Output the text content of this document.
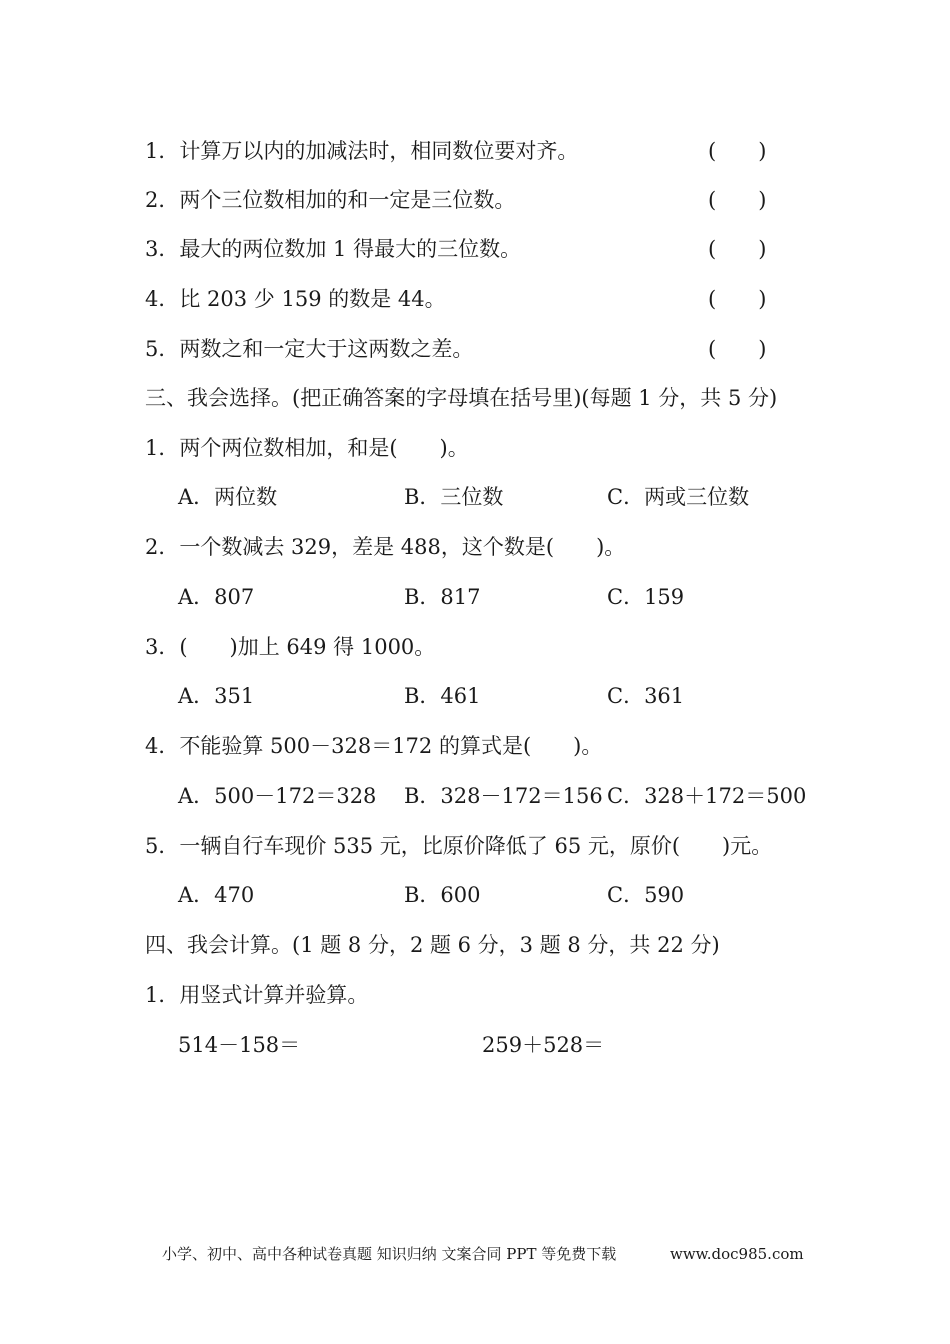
1．计算万以内的加减法时，相同数位要对齐。	(　　)
2．两个三位数相加的和一定是三位数。	(　　)
3．最大的两位数加 1 得最大的三位数。	(　　)
4．比 203 少 159 的数是 44。	(　　)
5．两数之和一定大于这两数之差。	(　　)
三、我会选择。(把正确答案的字母填在括号里)(每题 1 分，共 5 分)
1．两个两位数相加，和是(　　)。
A．两位数	B．三位数	C．两或三位数
2．一个数减去 329，差是 488，这个数是(　　)。
A．807	B．817	C．159
3．(　　)加上 649 得 1000。
A．351	B．461	C．361
4．不能验算 500－328＝172 的算式是(　　)。
A．500－172＝328 B．328－172＝156 C．328＋172＝500
5．一辆自行车现价 535 元，比原价降低了 65 元，原价(　　)元。
A．470	B．600	C．590
四、我会计算。(1 题 8 分，2 题 6 分，3 题 8 分，共 22 分)
1．用竖式计算并验算。
514－158＝	259＋528＝
小学、初中、高中各种试卷真题 知识归纳 文案合同 PPT 等免费下载	www.doc985.com
